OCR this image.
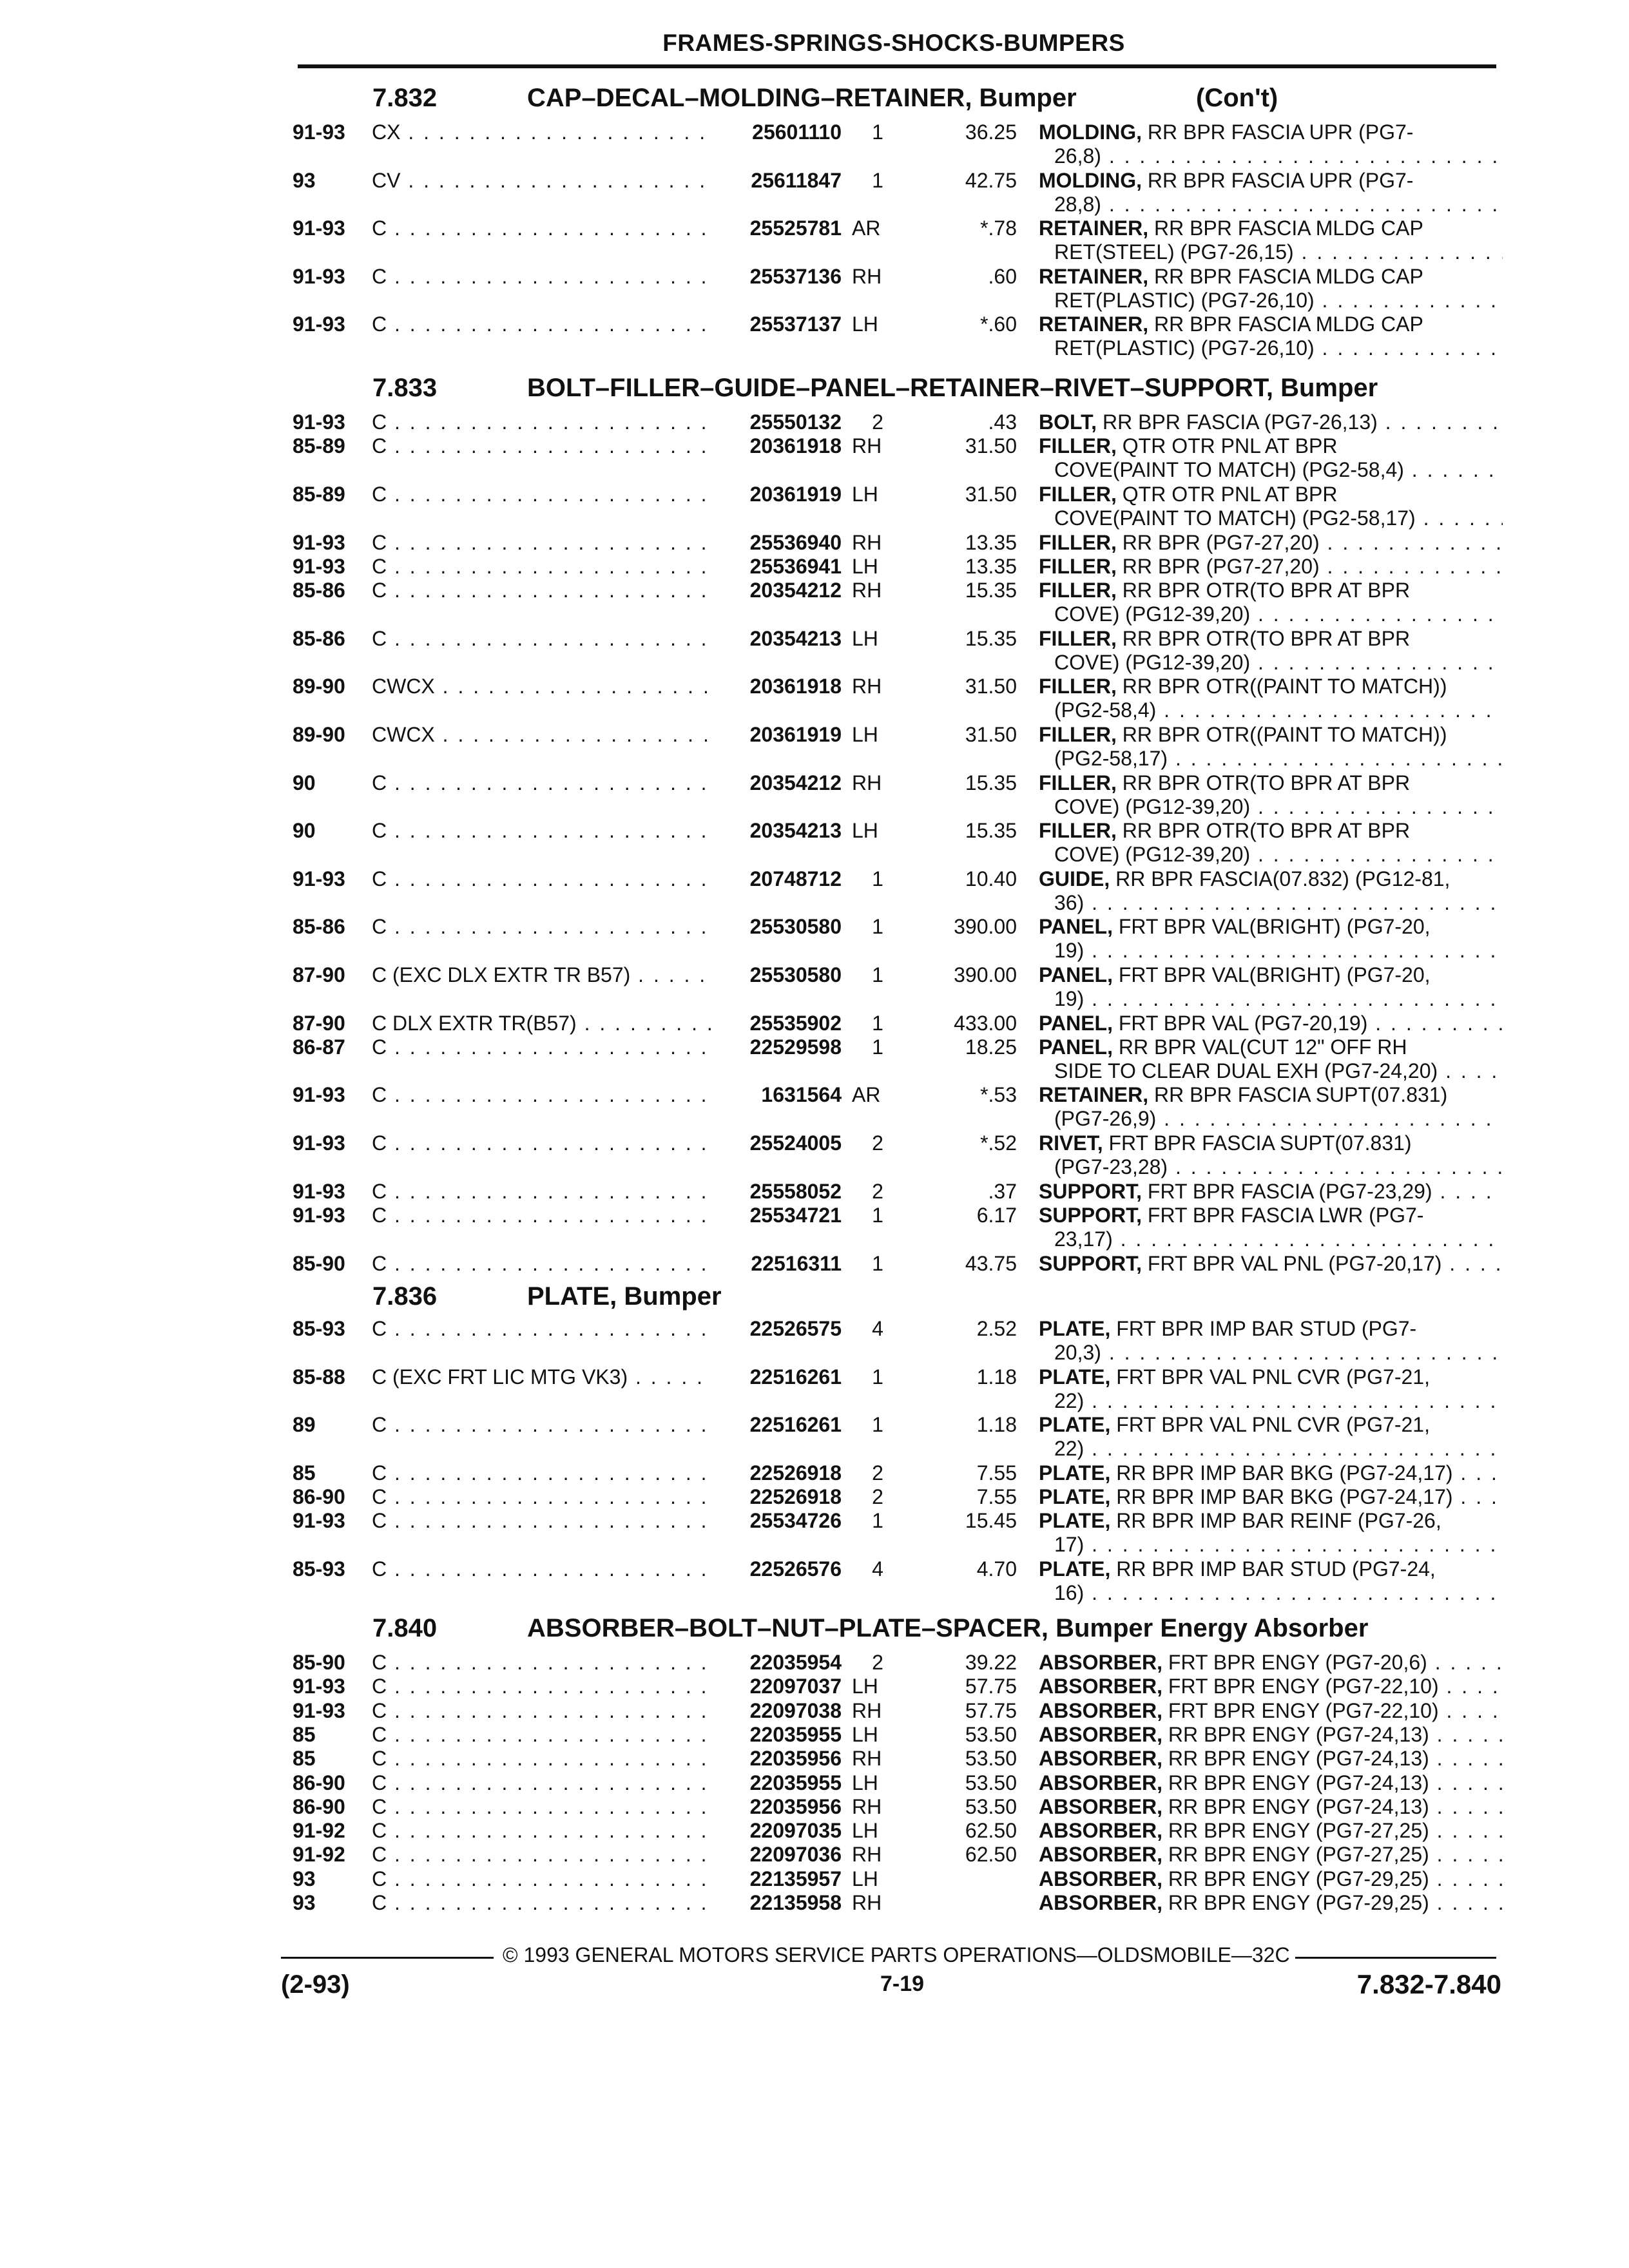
FRAMES-SPRINGS-SHOCKS-BUMPERS
7.832	CAP–DECAL–MOLDING–RETAINER, Bumper	(Con't)
91-93	CX . . .	25601110	1	36.25 MOLDING, RR BPR FASCIA UPR (PG7-
26,8) . . .
93	CV . . .	25611847	1	42.75 MOLDING, RR BPR FASCIA UPR (PG7-
28,8) . . .
91-93	C . . .	25525781 AR	*.78 RETAINER, RR BPR FASCIA MLDG CAP
RET(STEEL) (PG7-26,15) . . .
91-93	C . . .	25537136 RH	.60 RETAINER, RR BPR FASCIA MLDG CAP
RET(PLASTIC) (PG7-26,10) . . .
91-93	C . . .	25537137 LH	*.60 RETAINER, RR BPR FASCIA MLDG CAP
RET(PLASTIC) (PG7-26,10) . . .
7.833	BOLT–FILLER–GUIDE–PANEL–RETAINER–RIVET–SUPPORT, Bumper
91-93	C . . .	25550132	2	.43 BOLT, RR BPR FASCIA (PG7-26,13) . . .
85-89	C . . .	20361918 RH	31.50 FILLER, QTR OTR PNL AT BPR
COVE(PAINT TO MATCH) (PG2-58,4) . . .
85-89	C . . .	20361919 LH	31.50 FILLER, QTR OTR PNL AT BPR
COVE(PAINT TO MATCH) (PG2-58,17) . . .
91-93	C . . .	25536940 RH	13.35 FILLER, RR BPR (PG7-27,20) . . .
91-93	C . . .	25536941 LH	13.35 FILLER, RR BPR (PG7-27,20) . . .
85-86	C . . .	20354212 RH	15.35 FILLER, RR BPR OTR(TO BPR AT BPR
COVE) (PG12-39,20) . . .
85-86	C . . .	20354213 LH	15.35 FILLER, RR BPR OTR(TO BPR AT BPR
COVE) (PG12-39,20) . . .
89-90	CWCX . . .	20361918 RH	31.50 FILLER, RR BPR OTR((PAINT TO MATCH))
(PG2-58,4) . . .
89-90	CWCX . . .	20361919 LH	31.50 FILLER, RR BPR OTR((PAINT TO MATCH))
(PG2-58,17) . . .
90	C . . .	20354212 RH	15.35 FILLER, RR BPR OTR(TO BPR AT BPR
COVE) (PG12-39,20) . . .
90	C . . .	20354213 LH	15.35 FILLER, RR BPR OTR(TO BPR AT BPR
COVE) (PG12-39,20) . . .
91-93	C . . .	20748712	1	10.40 GUIDE, RR BPR FASCIA(07.832) (PG12-81,
36) . . .
85-86	C . . .	25530580	1	390.00 PANEL, FRT BPR VAL(BRIGHT) (PG7-20,
19) . . .
87-90	C (EXC DLX EXTR TR B57) . . .	25530580	1	390.00 PANEL, FRT BPR VAL(BRIGHT) (PG7-20,
19) . . .
87-90	C DLX EXTR TR(B57) . . .	25535902	1	433.00 PANEL, FRT BPR VAL (PG7-20,19) . . .
86-87	C . . .	22529598	1	18.25 PANEL, RR BPR VAL(CUT 12" OFF RH
SIDE TO CLEAR DUAL EXH (PG7-24,20) . . .
91-93	C . . .	1631564 AR	*.53 RETAINER, RR BPR FASCIA SUPT(07.831)
(PG7-26,9) . . .
91-93	C . . .	25524005	2	*.52 RIVET, FRT BPR FASCIA SUPT(07.831)
(PG7-23,28) . . .
91-93	C . . .	25558052	2	.37 SUPPORT, FRT BPR FASCIA (PG7-23,29) . . .
91-93	C . . .	25534721	1	6.17 SUPPORT, FRT BPR FASCIA LWR (PG7-
23,17) . . .
85-90	C . . .	22516311	1	43.75 SUPPORT, FRT BPR VAL PNL (PG7-20,17) . . .
7.836	PLATE, Bumper
85-93	C . . .	22526575	4	2.52 PLATE, FRT BPR IMP BAR STUD (PG7-
20,3) . . .
85-88	C (EXC FRT LIC MTG VK3) . . .	22516261	1	1.18 PLATE, FRT BPR VAL PNL CVR (PG7-21,
22) . . .
89	C . . .	22516261	1	1.18 PLATE, FRT BPR VAL PNL CVR (PG7-21,
22) . . .
85	C . . .	22526918	2	7.55 PLATE, RR BPR IMP BAR BKG (PG7-24,17) . . .
86-90	C . . .	22526918	2	7.55 PLATE, RR BPR IMP BAR BKG (PG7-24,17) . . .
91-93	C . . .	25534726	1	15.45 PLATE, RR BPR IMP BAR REINF (PG7-26,
17) . . .
85-93	C . . .	22526576	4	4.70 PLATE, RR BPR IMP BAR STUD (PG7-24,
16) . . .
7.840	ABSORBER–BOLT–NUT–PLATE–SPACER, Bumper Energy Absorber
85-90	C . . .	22035954	2	39.22 ABSORBER, FRT BPR ENGY (PG7-20,6) . . .
91-93	C . . .	22097037 LH	57.75 ABSORBER, FRT BPR ENGY (PG7-22,10) . . .
91-93	C . . .	22097038 RH	57.75 ABSORBER, FRT BPR ENGY (PG7-22,10) . . .
85	C . . .	22035955 LH	53.50 ABSORBER, RR BPR ENGY (PG7-24,13) . . .
85	C . . .	22035956 RH	53.50 ABSORBER, RR BPR ENGY (PG7-24,13) . . .
86-90	C . . .	22035955 LH	53.50 ABSORBER, RR BPR ENGY (PG7-24,13) . . .
86-90	C . . .	22035956 RH	53.50 ABSORBER, RR BPR ENGY (PG7-24,13) . . .
91-92	C . . .	22097035 LH	62.50 ABSORBER, RR BPR ENGY (PG7-27,25) . . .
91-92	C . . .	22097036 RH	62.50 ABSORBER, RR BPR ENGY (PG7-27,25) . . .
93	C . . .	22135957 LH	ABSORBER, RR BPR ENGY (PG7-29,25) . . .
93	C . . .	22135958 RH	ABSORBER, RR BPR ENGY (PG7-29,25) . . .
© 1993 GENERAL MOTORS SERVICE PARTS OPERATIONS—OLDSMOBILE—32C
(2-93)	7-19	7.832-7.840
